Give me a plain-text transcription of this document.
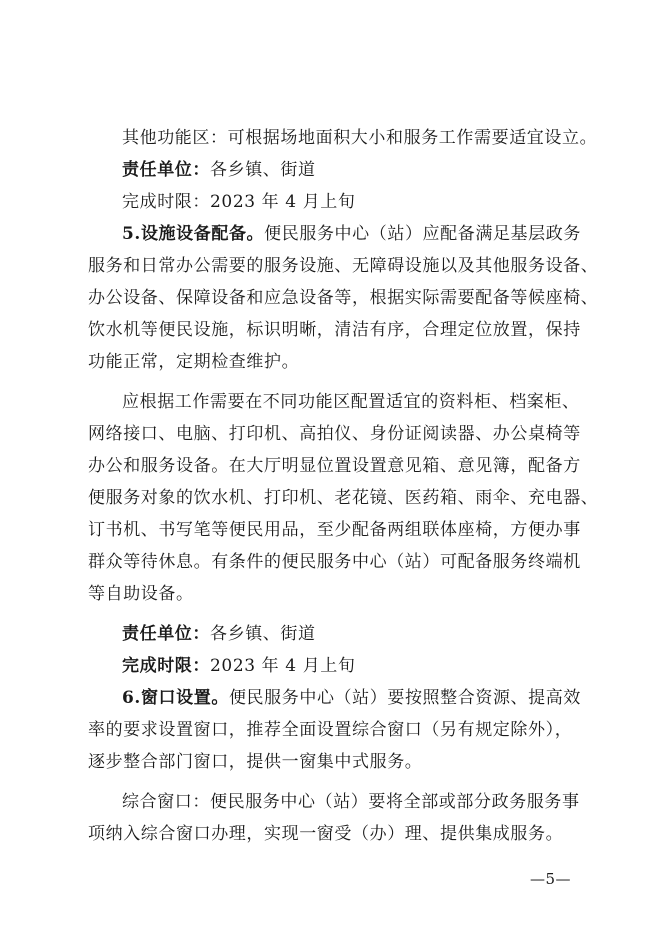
其他功能区：可根据场地面积大小和服务工作需要适宜设立。
责任单位：各乡镇、街道
完成时限：2023 年 4 月上旬
5.设施设备配备。便民服务中心（站）应配备满足基层政务
服务和日常办公需要的服务设施、无障碍设施以及其他服务设备、
办公设备、保障设备和应急设备等，根据实际需要配备等候座椅、
饮水机等便民设施，标识明晰，清洁有序，合理定位放置，保持
功能正常，定期检查维护。
应根据工作需要在不同功能区配置适宜的资料柜、档案柜、
网络接口、电脑、打印机、高拍仪、身份证阅读器、办公桌椅等
办公和服务设备。在大厅明显位置设置意见箱、意见簿，配备方
便服务对象的饮水机、打印机、老花镜、医药箱、雨伞、充电器、
订书机、书写笔等便民用品，至少配备两组联体座椅，方便办事
群众等待休息。有条件的便民服务中心（站）可配备服务终端机
等自助设备。
责任单位：各乡镇、街道
完成时限：2023 年 4 月上旬
6.窗口设置。便民服务中心（站）要按照整合资源、提高效
率的要求设置窗口，推荐全面设置综合窗口（另有规定除外），
逐步整合部门窗口，提供一窗集中式服务。
综合窗口：便民服务中心（站）要将全部或部分政务服务事
项纳入综合窗口办理，实现一窗受（办）理、提供集成服务。
—5—
